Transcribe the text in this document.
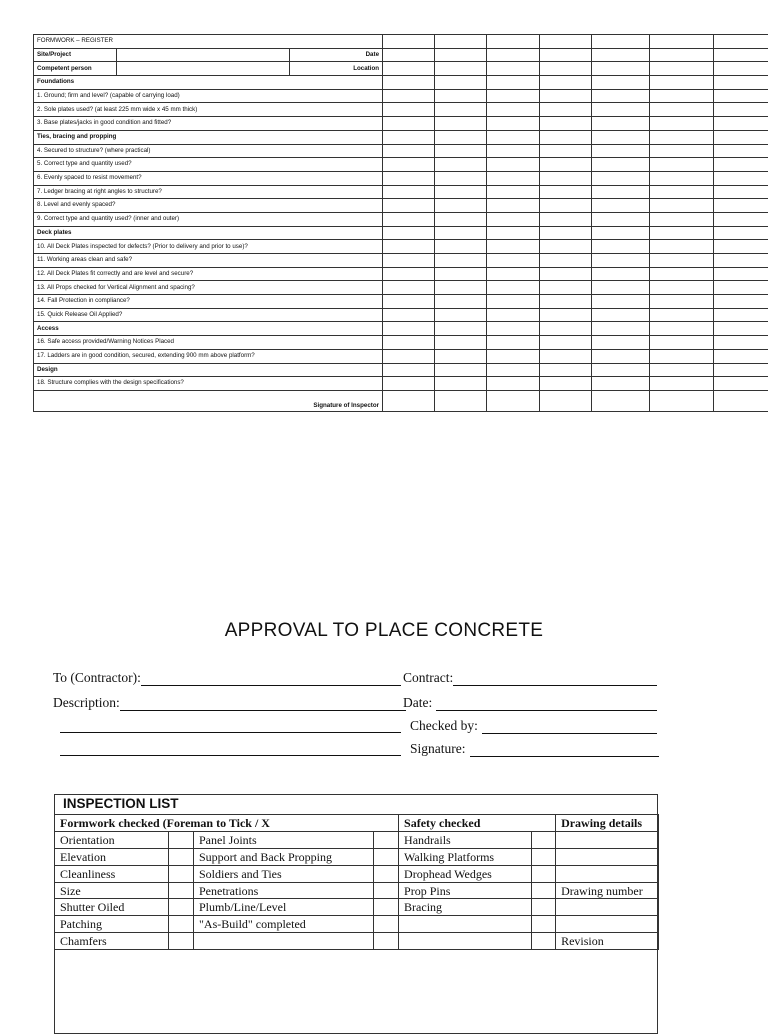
FORMWORK – REGISTER									
Site/Project		Date							
Competent person		Location							
Foundations									
1. Ground; firm and level? (capable of carrying load)									
2. Sole plates used? (at least 225 mm wide x 45 mm thick)									
3. Base plates/jacks in good condition and fitted?									
Ties, bracing and propping									
4. Secured to structure? (where practical)									
5. Correct type and quantity used?									
6. Evenly spaced to resist movement?									
7. Ledger bracing at right angles to structure?									
8. Level and evenly spaced?									
9. Correct type and quantity used? (inner and outer)									
Deck plates									
10. All Deck Plates inspected for defects? (Prior to delivery and prior to use)?									
11. Working areas clean and safe?									
12. All Deck Plates fit correctly and are level and secure?									
13. All Props checked for Vertical Alignment and spacing?									
14. Fall Protection in compliance?									
15. Quick Release Oil Applied?									
Access									
16. Safe access provided/Warning Notices Placed									
17. Ladders are in good condition, secured, extending 900 mm above platform?									
Design									
18. Structure complies with the design specifications?									
Signature of Inspector									
APPROVAL TO PLACE CONCRETE
To (Contractor):	Contract:
Description:	Date:
Checked by:
Signature:
INSPECTION LIST
Formwork checked (Foreman to Tick / X				Safety checked		Drawing details
Orientation		Panel Joints		Handrails		
Elevation		Support and Back Propping		Walking Platforms		
Cleanliness		Soldiers and Ties		Drophead Wedges		
Size		Penetrations		Prop Pins		Drawing number
Shutter Oiled		Plumb/Line/Level		Bracing		
Patching		"As-Build" completed				
Chamfers						Revision
